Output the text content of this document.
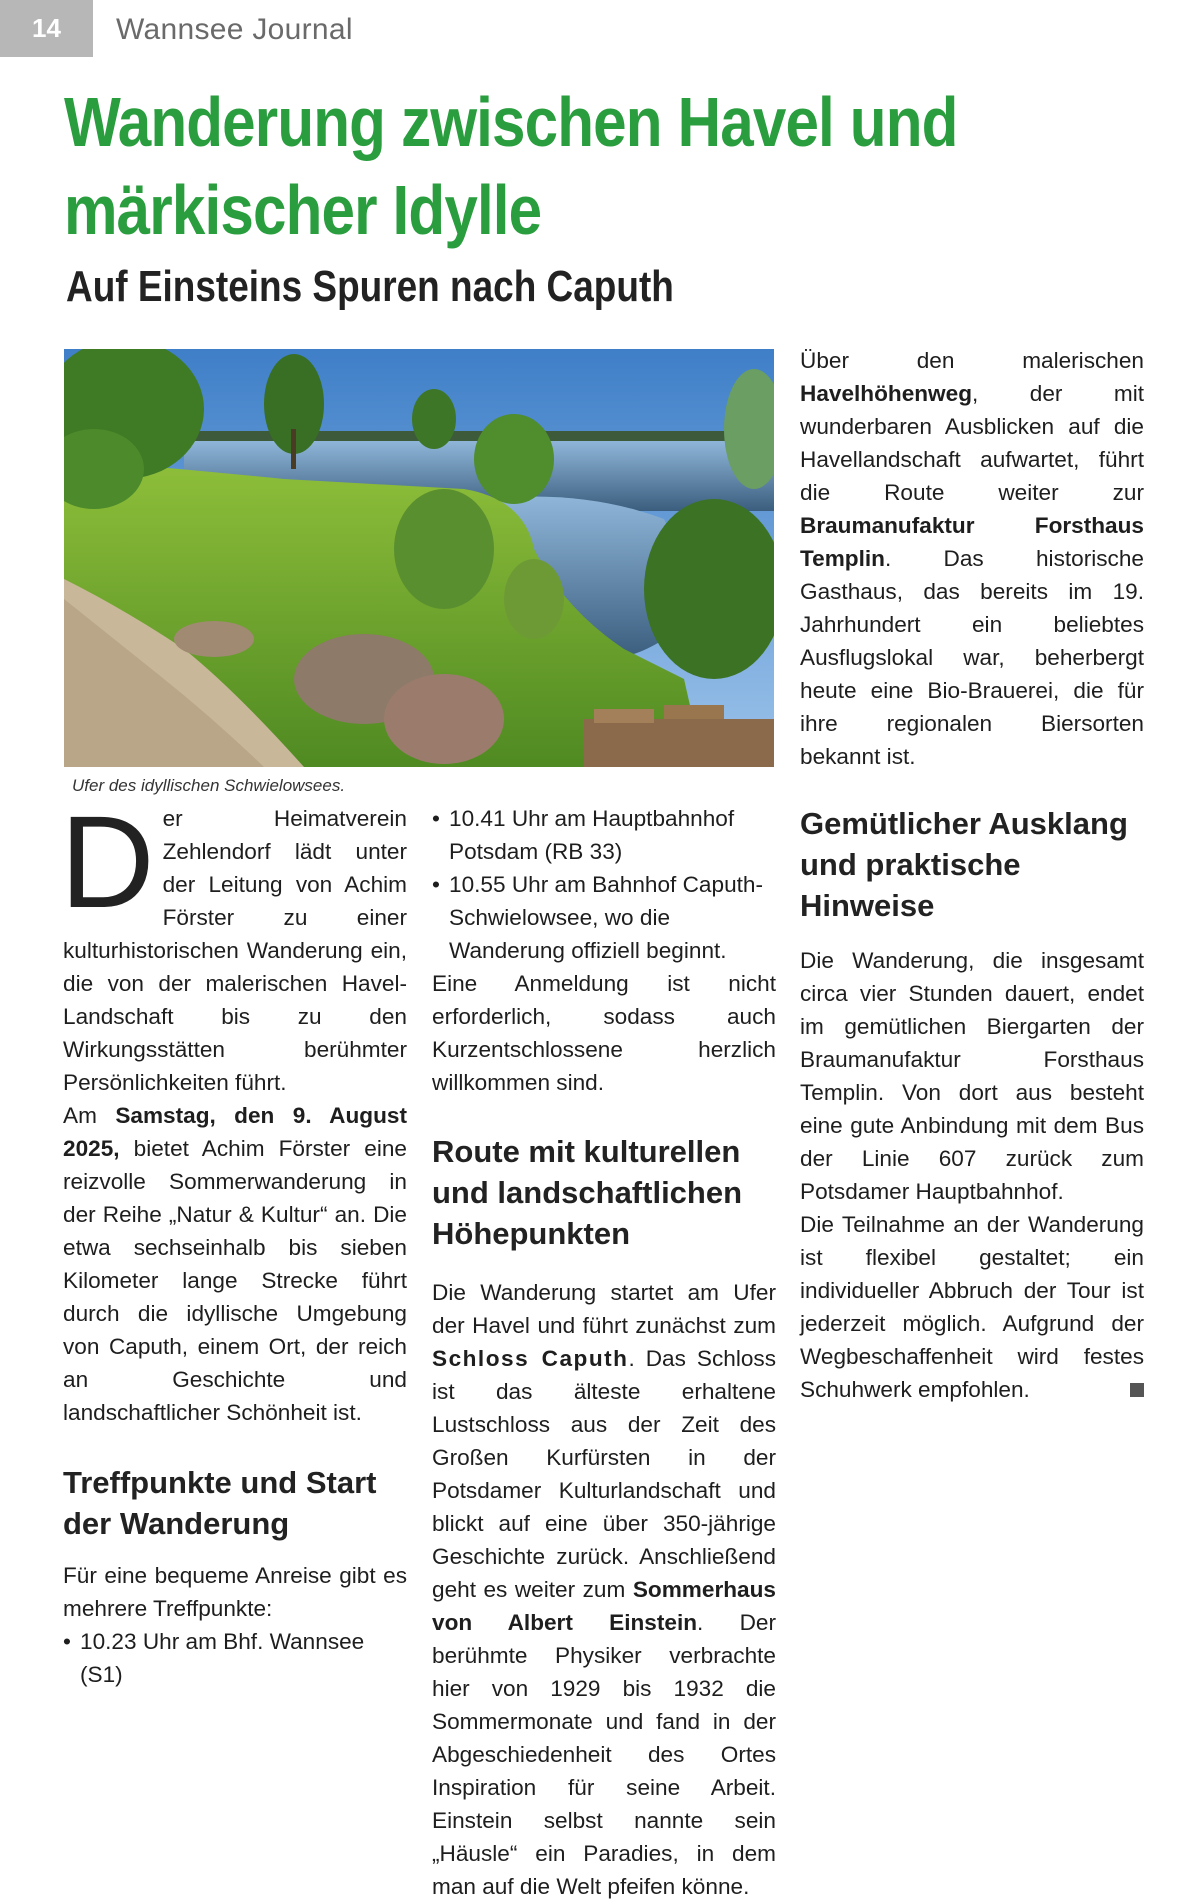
14	Wannsee Journal
Wanderung zwischen Havel und märkischer Idylle
Auf Einsteins Spuren nach Caputh
Ufer des idyllischen Schwielowsees.

Der Heimatverein Zehlendorf lädt unter der Leitung von Achim Förster zu einer kulturhistorischen Wanderung ein, die von der malerischen Havel-Landschaft bis zu den Wirkungsstätten berühmter Persönlichkeiten führt.

Am Samstag, den 9. August 2025, bietet Achim Förster eine reizvolle Sommerwanderung in der Reihe „Natur & Kultur“ an. Die etwa sechseinhalb bis sieben Kilometer lange Strecke führt durch die idyllische Umgebung von Caputh, einem Ort, der reich an Geschichte und landschaftlicher Schönheit ist.

Treffpunkte und Start der Wanderung

Für eine bequeme Anreise gibt es mehrere Treffpunkte:

• 10.23 Uhr am Bhf. Wannsee (S1)
• 10.41 Uhr am Hauptbahnhof Potsdam (RB 33)
• 10.55 Uhr am Bahnhof Caputh-Schwielowsee, wo die Wanderung offiziell beginnt.

Eine Anmeldung ist nicht erforderlich, sodass auch Kurzentschlossene herzlich willkommen sind.

Route mit kulturellen und landschaftlichen Höhepunkten

Die Wanderung startet am Ufer der Havel und führt zunächst zum Schloss Caputh. Das Schloss ist das älteste erhaltene Lustschloss aus der Zeit des Großen Kurfürsten in der Potsdamer Kulturlandschaft und blickt auf eine über 350-jährige Geschichte zurück. Anschließend geht es weiter zum Sommerhaus von Albert Einstein. Der berühmte Physiker verbrachte hier von 1929 bis 1932 die Sommermonate und fand in der Abgeschiedenheit des Ortes Inspiration für seine Arbeit. Einstein selbst nannte sein „Häusle“ ein Paradies, in dem man auf die Welt pfeifen könne.

Über den malerischen Havelhöhenweg, der mit wunderbaren Ausblicken auf die Havellandschaft aufwartet, führt die Route weiter zur Braumanufaktur Forsthaus Templin. Das historische Gasthaus, das bereits im 19. Jahrhundert ein beliebtes Ausflugslokal war, beherbergt heute eine Bio-Brauerei, die für ihre regionalen Biersorten bekannt ist.

Gemütlicher Ausklang und praktische Hinweise

Die Wanderung, die insgesamt circa vier Stunden dauert, endet im gemütlichen Biergarten der Braumanufaktur Forsthaus Templin. Von dort aus besteht eine gute Anbindung mit dem Bus der Linie 607 zurück zum Potsdamer Hauptbahnhof.

Die Teilnahme an der Wanderung ist flexibel gestaltet; ein individueller Abbruch der Tour ist jederzeit möglich. Aufgrund der Wegbeschaffenheit wird festes Schuhwerk empfohlen.
